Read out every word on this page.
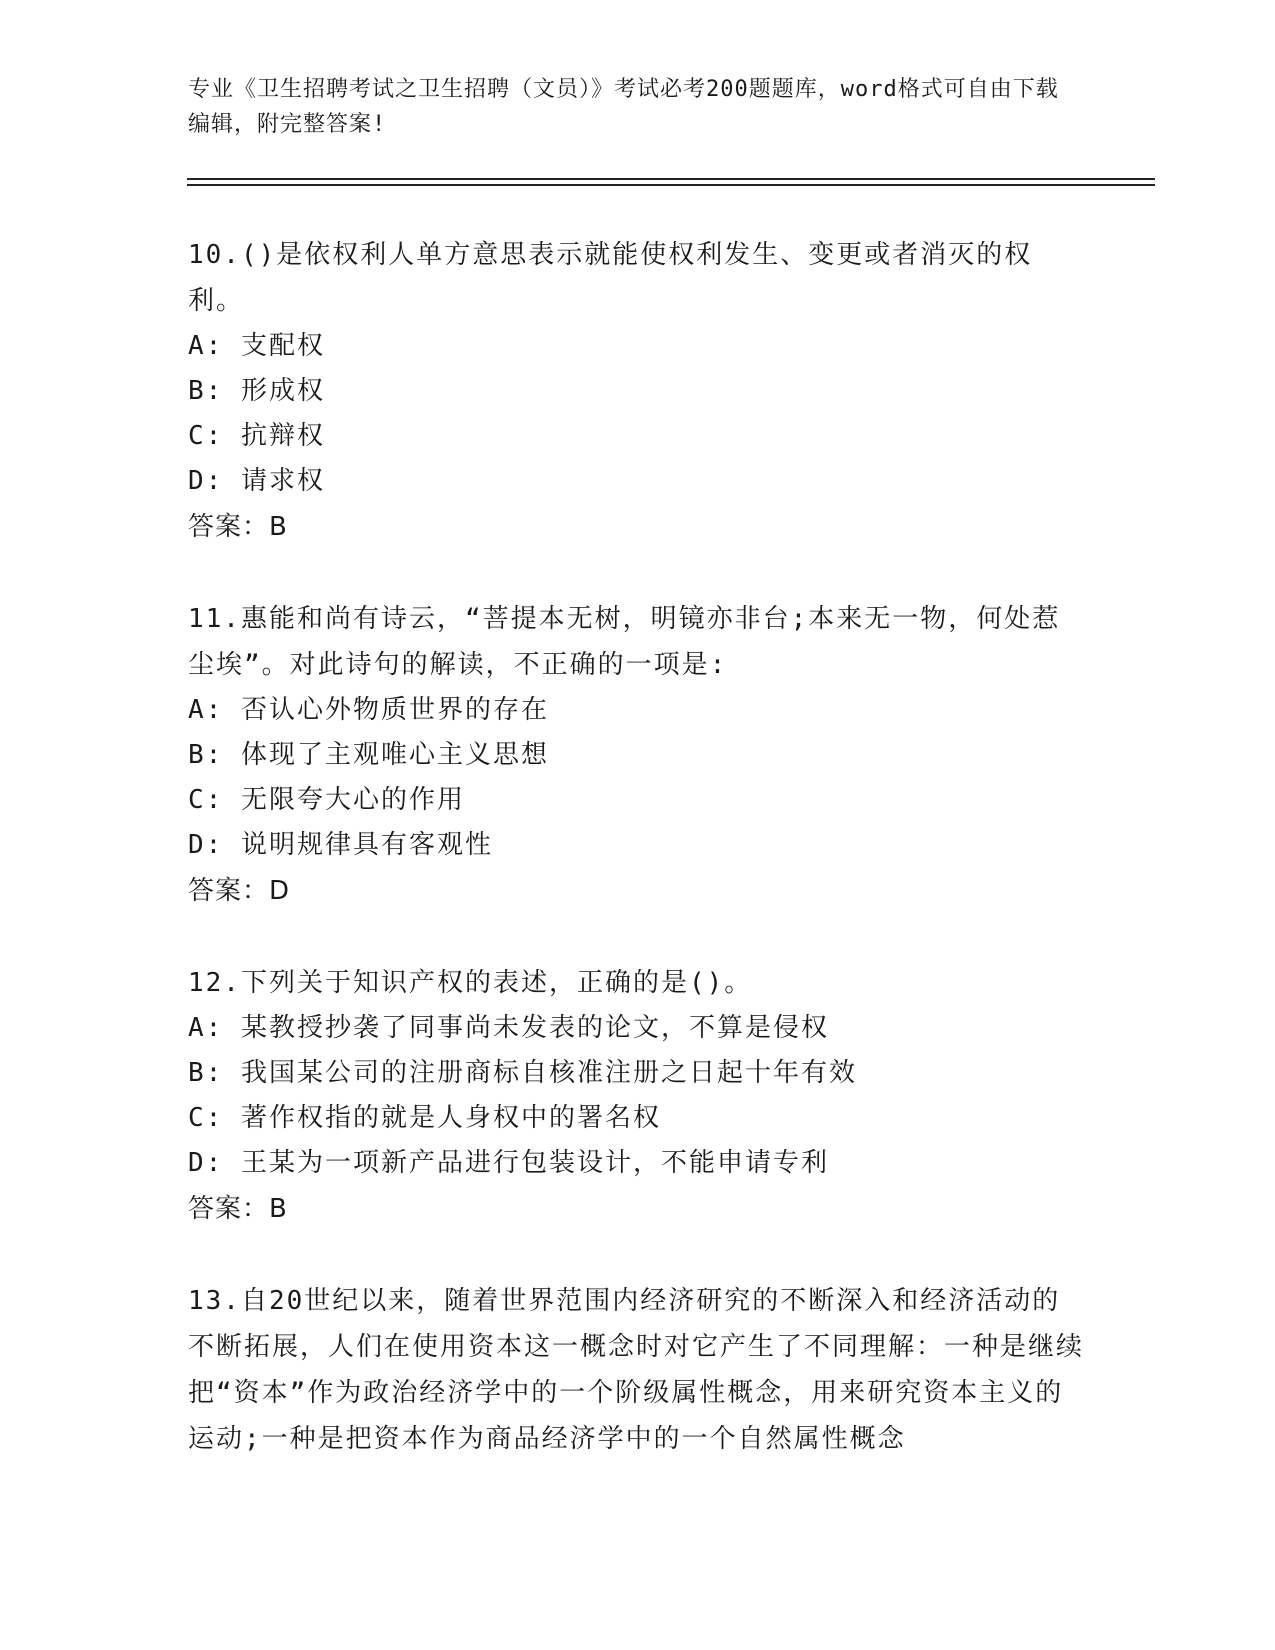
专业《卫生招聘考试之卫生招聘（文员）》考试必考200题题库，word格式可自由下载编辑，附完整答案!
10.()是依权利人单方意思表示就能使权利发生、变更或者消灭的权利。
A: 支配权
B: 形成权
C: 抗辩权
D: 请求权
答案：B
11.惠能和尚有诗云，“菩提本无树，明镜亦非台;本来无一物，何处惹尘埃”。对此诗句的解读，不正确的一项是:
A: 否认心外物质世界的存在
B: 体现了主观唯心主义思想
C: 无限夸大心的作用
D: 说明规律具有客观性
答案：D
12.下列关于知识产权的表述，正确的是()。
A: 某教授抄袭了同事尚未发表的论文，不算是侵权
B: 我国某公司的注册商标自核准注册之日起十年有效
C: 著作权指的就是人身权中的署名权
D: 王某为一项新产品进行包装设计，不能申请专利
答案：B
13.自20世纪以来，随着世界范围内经济研究的不断深入和经济活动的不断拓展，人们在使用资本这一概念时对它产生了不同理解：一种是继续把“资本”作为政治经济学中的一个阶级属性概念，用来研究资本主义的运动;一种是把资本作为商品经济学中的一个自然属性概念
